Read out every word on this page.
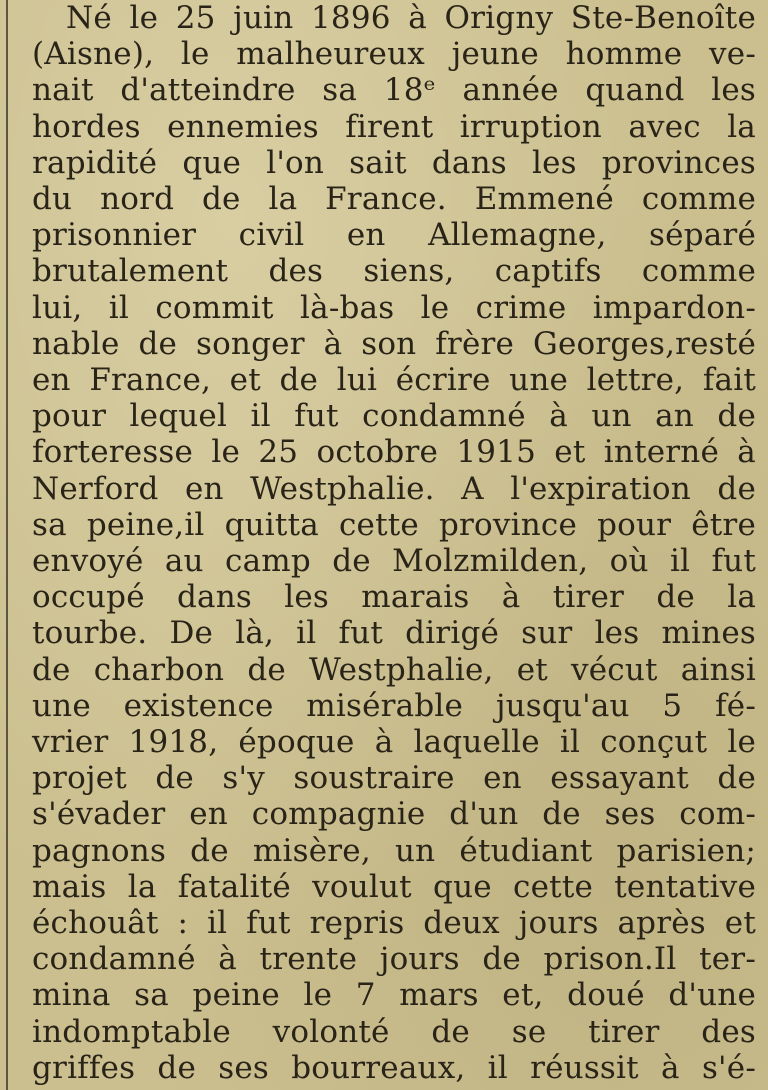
Né le 25 juin 1896 à Origny Ste-Benoîte
(Aisne), le malheureux jeune homme ve-
nait d'atteindre sa 18ᵉ année quand les
hordes ennemies firent irruption avec la
rapidité que l'on sait dans les provinces
du nord de la France. Emmené comme
prisonnier civil en Allemagne, séparé
brutalement des siens, captifs comme
lui, il commit là-bas le crime impardon-
nable de songer à son frère Georges,resté
en France, et de lui écrire une lettre, fait
pour lequel il fut condamné à un an de
forteresse le 25 octobre 1915 et interné à
Nerford en Westphalie. A l'expiration de
sa peine,il quitta cette province pour être
envoyé au camp de Molzmilden, où il fut
occupé dans les marais à tirer de la
tourbe. De là, il fut dirigé sur les mines
de charbon de Westphalie, et vécut ainsi
une existence misérable jusqu'au 5 fé-
vrier 1918, époque à laquelle il conçut le
projet de s'y soustraire en essayant de
s'évader en compagnie d'un de ses com-
pagnons de misère, un étudiant parisien;
mais la fatalité voulut que cette tentative
échouât : il fut repris deux jours après et
condamné à trente jours de prison.Il ter-
mina sa peine le 7 mars et, doué d'une
indomptable volonté de se tirer des
griffes de ses bourreaux, il réussit à s'é-
